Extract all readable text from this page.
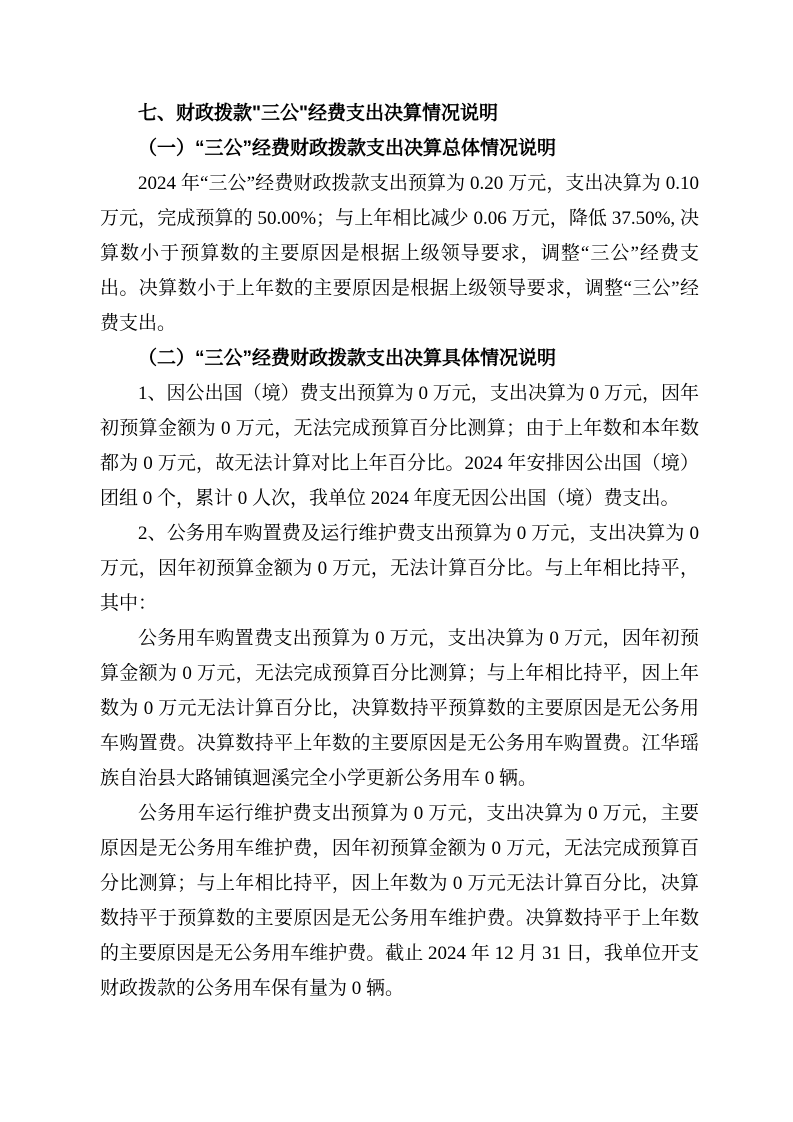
七、财政拨款"三公"经费支出决算情况说明

（一）“三公”经费财政拨款支出决算总体情况说明

2024 年“三公”经费财政拨款支出预算为 0.20 万元，支出决算为 0.10 万元，完成预算的 50.00%；与上年相比减少 0.06 万元，降低 37.50%, 决算数小于预算数的主要原因是根据上级领导要求，调整“三公”经费支出。决算数小于上年数的主要原因是根据上级领导要求，调整“三公”经费支出。

（二）“三公”经费财政拨款支出决算具体情况说明

1、因公出国（境）费支出预算为 0 万元，支出决算为 0 万元，因年初预算金额为 0 万元，无法完成预算百分比测算；由于上年数和本年数都为 0 万元，故无法计算对比上年百分比。2024 年安排因公出国（境）团组 0 个，累计 0 人次，我单位 2024 年度无因公出国（境）费支出。

2、公务用车购置费及运行维护费支出预算为 0 万元，支出决算为 0 万元，因年初预算金额为 0 万元，无法计算百分比。与上年相比持平，其中：

公务用车购置费支出预算为 0 万元，支出决算为 0 万元，因年初预算金额为 0 万元，无法完成预算百分比测算；与上年相比持平，因上年数为 0 万元无法计算百分比，决算数持平预算数的主要原因是无公务用车购置费。决算数持平上年数的主要原因是无公务用车购置费。江华瑶族自治县大路铺镇迴溪完全小学更新公务用车 0 辆。

公务用车运行维护费支出预算为 0 万元，支出决算为 0 万元，主要原因是无公务用车维护费，因年初预算金额为 0 万元，无法完成预算百分比测算；与上年相比持平，因上年数为 0 万元无法计算百分比，决算数持平于预算数的主要原因是无公务用车维护费。决算数持平于上年数的主要原因是无公务用车维护费。截止 2024 年 12 月 31 日，我单位开支财政拨款的公务用车保有量为 0 辆。
